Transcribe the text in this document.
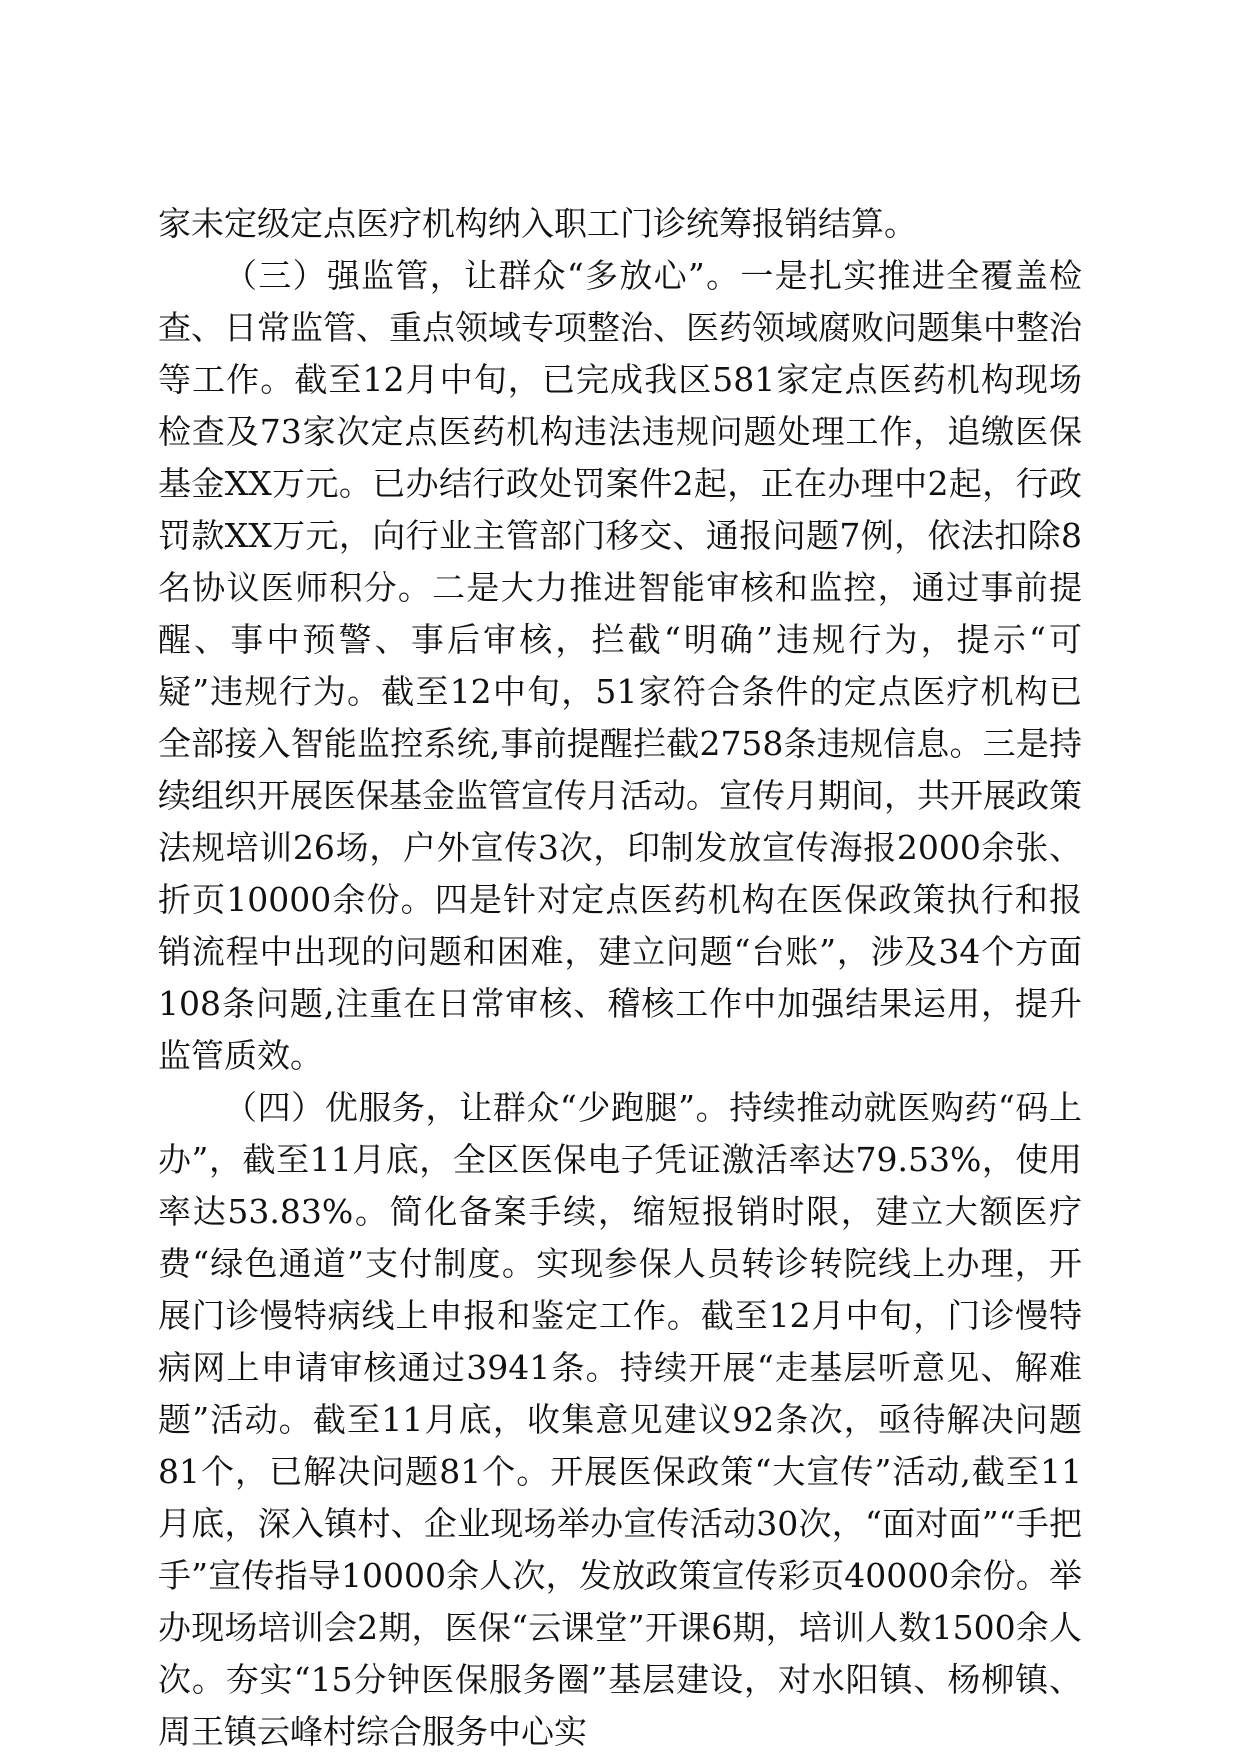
家未定级定点医疗机构纳入职工门诊统筹报销结算。

（三）强监管，让群众“多放心”。一是扎实推进全覆盖检查、日常监管、重点领域专项整治、医药领域腐败问题集中整治等工作。截至12月中旬，已完成我区581家定点医药机构现场检查及73家次定点医药机构违法违规问题处理工作，追缴医保基金XX万元。已办结行政处罚案件2起，正在办理中2起，行政罚款XX万元，向行业主管部门移交、通报问题7例，依法扣除8名协议医师积分。二是大力推进智能审核和监控，通过事前提醒、事中预警、事后审核，拦截“明确”违规行为，提示“可疑”违规行为。截至12中旬，51家符合条件的定点医疗机构已全部接入智能监控系统,事前提醒拦截2758条违规信息。三是持续组织开展医保基金监管宣传月活动。宣传月期间，共开展政策法规培训26场，户外宣传3次，印制发放宣传海报2000余张、折页10000余份。四是针对定点医药机构在医保政策执行和报销流程中出现的问题和困难，建立问题“台账”，涉及34个方面108条问题,注重在日常审核、稽核工作中加强结果运用，提升监管质效。

（四）优服务，让群众“少跑腿”。持续推动就医购药“码上办”，截至11月底，全区医保电子凭证激活率达79.53%，使用率达53.83%。简化备案手续，缩短报销时限，建立大额医疗费“绿色通道”支付制度。实现参保人员转诊转院线上办理，开展门诊慢特病线上申报和鉴定工作。截至12月中旬，门诊慢特病网上申请审核通过3941条。持续开展“走基层听意见、解难题”活动。截至11月底，收集意见建议92条次，亟待解决问题81个，已解决问题81个。开展医保政策“大宣传”活动,截至11月底，深入镇村、企业现场举办宣传活动30次，“面对面”“手把手”宣传指导10000余人次，发放政策宣传彩页40000余份。举办现场培训会2期，医保“云课堂”开课6期，培训人数1500余人次。夯实“15分钟医保服务圈”基层建设，对水阳镇、杨柳镇、周王镇云峰村综合服务中心实
